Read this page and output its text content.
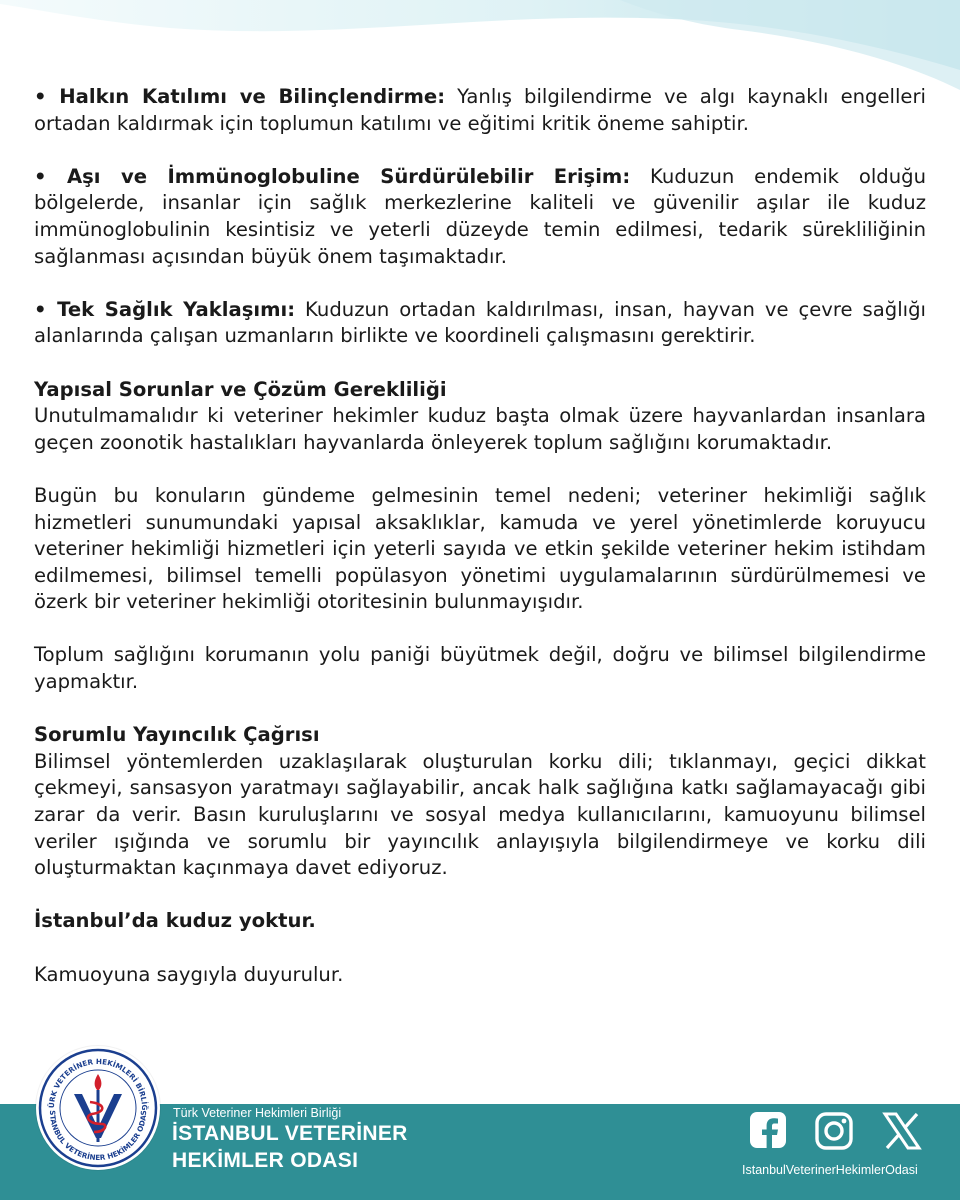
• Halkın Katılımı ve Bilinçlendirme: Yanlış bilgilendirme ve algı kaynaklı engelleri ortadan kaldırmak için toplumun katılımı ve eğitimi kritik öneme sahiptir.

• Aşı ve İmmünoglobuline Sürdürülebilir Erişim: Kuduzun endemik olduğu bölgelerde, insanlar için sağlık merkezlerine kaliteli ve güvenilir aşılar ile kuduz immünoglobulinin kesintisiz ve yeterli düzeyde temin edilmesi, tedarik sürekliliğinin sağlanması açısından büyük önem taşımaktadır.

• Tek Sağlık Yaklaşımı: Kuduzun ortadan kaldırılması, insan, hayvan ve çevre sağlığı alanlarında çalışan uzmanların birlikte ve koordineli çalışmasını gerektirir.

Yapısal Sorunlar ve Çözüm Gerekliliği
Unutulmamalıdır ki veteriner hekimler kuduz başta olmak üzere hayvanlardan insanlara geçen zoonotik hastalıkları hayvanlarda önleyerek toplum sağlığını korumaktadır.

Bugün bu konuların gündeme gelmesinin temel nedeni; veteriner hekimliği sağlık hizmetleri sunumundaki yapısal aksaklıklar, kamuda ve yerel yönetimlerde koruyucu veteriner hekimliği hizmetleri için yeterli sayıda ve etkin şekilde veteriner hekim istihdam edilmemesi, bilimsel temelli popülasyon yönetimi uygulamalarının sürdürülmemesi ve özerk bir veteriner hekimliği otoritesinin bulunmayışıdır.

Toplum sağlığını korumanın yolu paniği büyütmek değil, doğru ve bilimsel bilgilendirme yapmaktır.

Sorumlu Yayıncılık Çağrısı
Bilimsel yöntemlerden uzaklaşılarak oluşturulan korku dili; tıklanmayı, geçici dikkat çekmeyi, sansasyon yaratmayı sağlayabilir, ancak halk sağlığına katkı sağlamayacağı gibi zarar da verir. Basın kuruluşlarını ve sosyal medya kullanıcılarını, kamuoyunu bilimsel veriler ışığında ve sorumlu bir yayıncılık anlayışıyla bilgilendirmeye ve korku dili oluşturmaktan kaçınmaya davet ediyoruz.

İstanbul’da kuduz yoktur.

Kamuoyuna saygıyla duyurulur.

ÜRK VETERİNER HEKİMLERİ BİRLİĞ
STANBUL VETERİNER HEKİMLER ODAS Türk Veteriner Hekimleri Birliği
İSTANBUL VETERİNER
HEKİMLER ODASI	IstanbulVeterinerHekimlerOdasi
